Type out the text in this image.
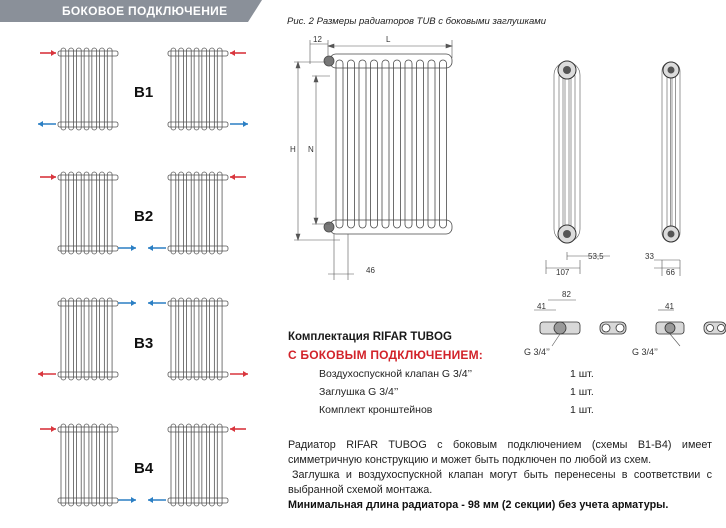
БОКОВОЕ ПОДКЛЮЧЕНИЕ
B1
B2
B3
B4
Рис. 2 Размеры радиаторов TUB с боковыми заглушками
12	L
H N
46	107
53,5	33
66
41
82
41
G 3/4’’	G 3/4’’
Комплектация RIFAR TUBOG
С БОКОВЫМ ПОДКЛЮЧЕНИЕМ:
Воздухоспускной клапан G 3/4’’	1 шт.
Заглушка G 3/4’’	1 шт.
Комплект кронштейнов	1 шт.

Радиатор RIFAR TUBOG с боковым подключением (схемы В1-В4) имеет симметричную конструкцию и может быть подключен по любой из схем.

Заглушка и воздухоспускной клапан могут быть перенесены в соответствии с выбранной схемой монтажа.

Минимальная длина радиатора - 98 мм (2 секции) без учета арматуры.
